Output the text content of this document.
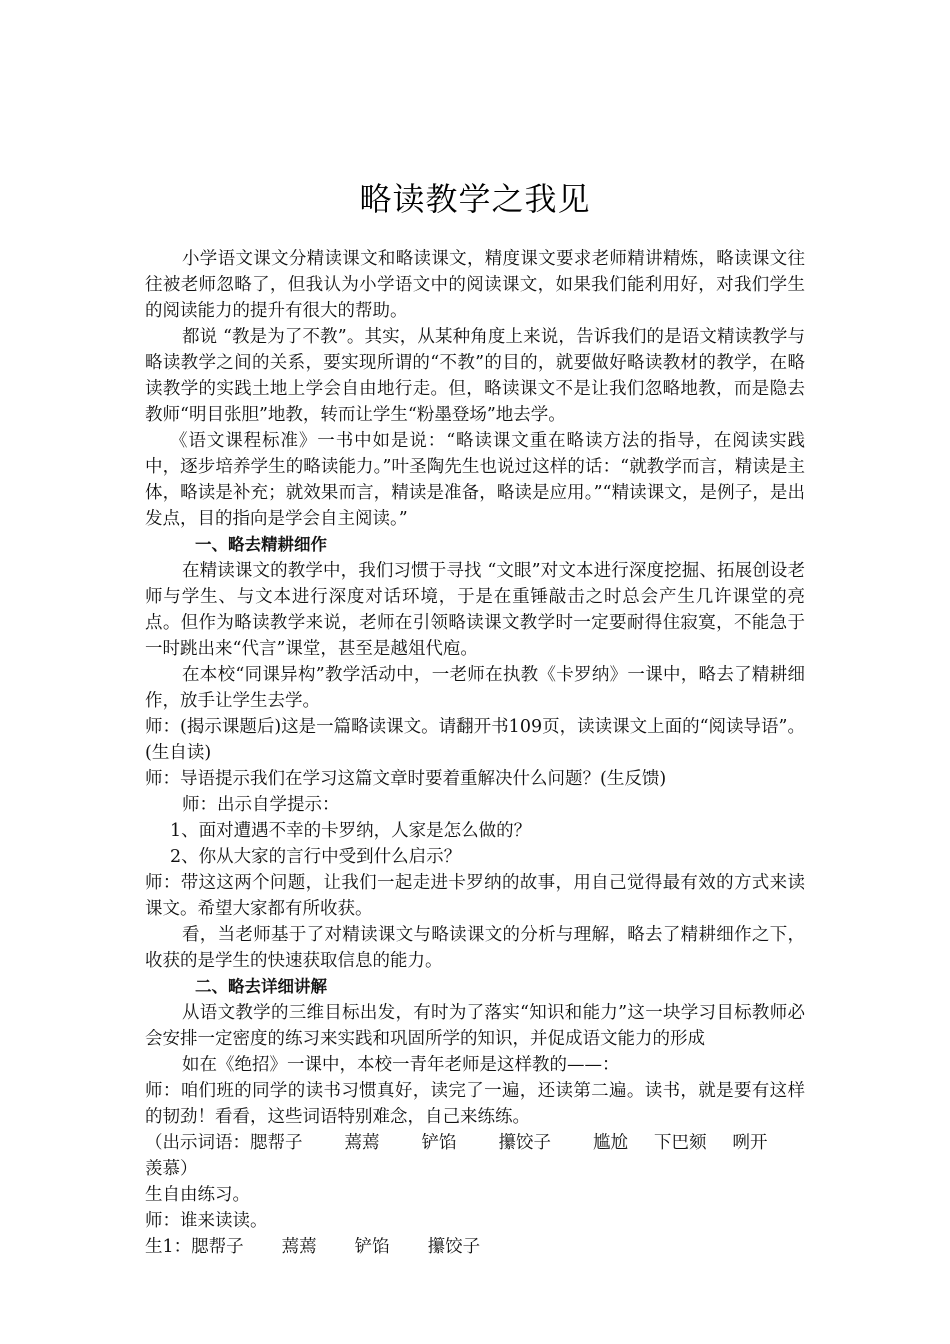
略读教学之我见

小学语文课文分精读课文和略读课文，精度课文要求老师精讲精炼，略读课文往往被老师忽略了，但我认为小学语文中的阅读课文，如果我们能利用好，对我们学生的阅读能力的提升有很大的帮助。

都说 “教是为了不教”。其实，从某种角度上来说，告诉我们的是语文精读教学与略读教学之间的关系，要实现所谓的“不教”的目的，就要做好略读教材的教学，在略读教学的实践土地上学会自由地行走。但，略读课文不是让我们忽略地教，而是隐去教师“明目张胆”地教，转而让学生“粉墨登场”地去学。

《语文课程标准》一书中如是说：“略读课文重在略读方法的指导，在阅读实践中，逐步培养学生的略读能力。”叶圣陶先生也说过这样的话：“就教学而言，精读是主体，略读是补充；就效果而言，精读是准备，略读是应用。”“精读课文，是例子，是出发点，目的指向是学会自主阅读。”

一、略去精耕细作

在精读课文的教学中，我们习惯于寻找 “文眼”对文本进行深度挖掘、拓展创设老师与学生、与文本进行深度对话环境，于是在重锤敲击之时总会产生几许课堂的亮点。但作为略读教学来说，老师在引领略读课文教学时一定要耐得住寂寞，不能急于一时跳出来“代言”课堂，甚至是越俎代庖。

在本校“同课异构”教学活动中，一老师在执教《卡罗纳》一课中，略去了精耕细作，放手让学生去学。

师：(揭示课题后)这是一篇略读课文。请翻开书109页，读读课文上面的“阅读导语”。(生自读)

师：导语提示我们在学习这篇文章时要着重解决什么问题？(生反馈)

师：出示自学提示：

1、面对遭遇不幸的卡罗纳，人家是怎么做的？

2、你从大家的言行中受到什么启示？

师：带这这两个问题，让我们一起走进卡罗纳的故事，用自己觉得最有效的方式来读课文。希望大家都有所收获。

看，当老师基于了对精读课文与略读课文的分析与理解，略去了精耕细作之下，收获的是学生的快速获取信息的能力。

二、略去详细讲解

从语文教学的三维目标出发，有时为了落实“知识和能力”这一块学习目标教师必会安排一定密度的练习来实践和巩固所学的知识，并促成语文能力的形成

如在《绝招》一课中，本校一青年老师是这样教的——：

师：咱们班的同学的读书习惯真好，读完了一遍，还读第二遍。读书，就是要有这样的韧劲！看看，这些词语特别难念，自己来练练。

（出示词语：腮帮子 蔫蔫 铲馅 攥饺子 尴尬 下巴颏 咧开

羡慕）

生自由练习。

师：谁来读读。

生1：腮帮子 蔫蔫 铲馅 攥饺子
